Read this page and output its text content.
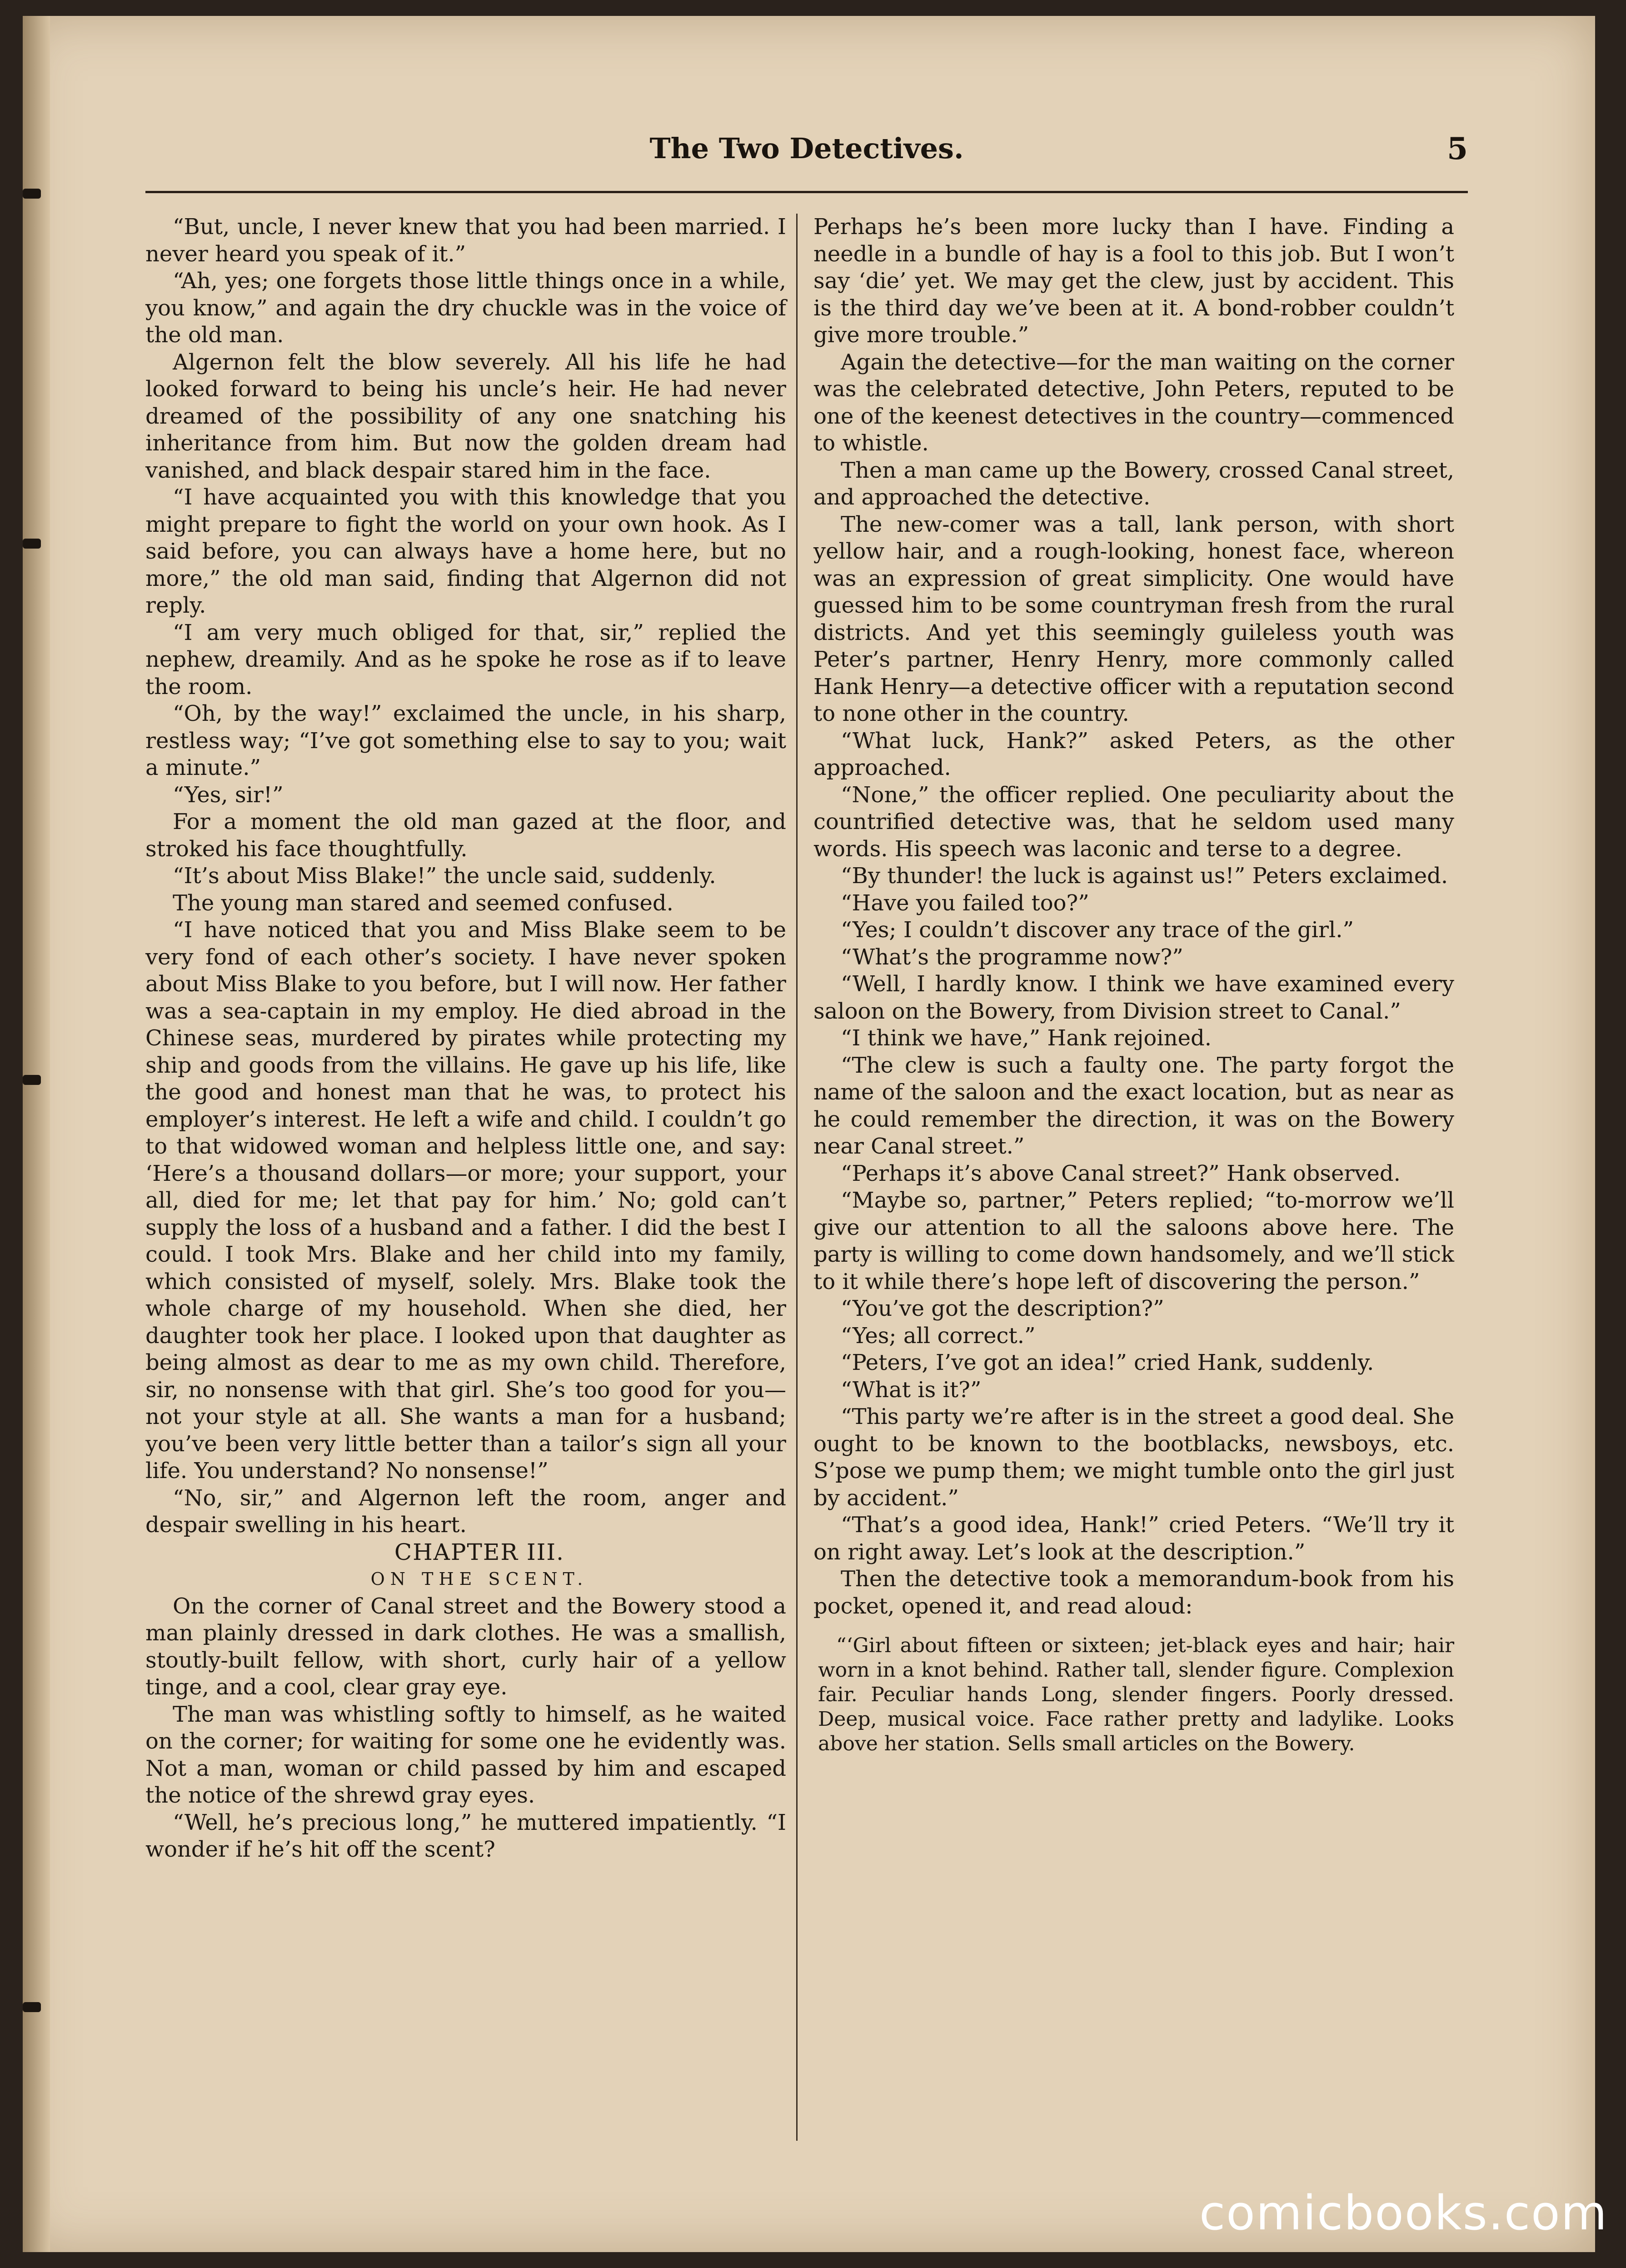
The Two Detectives.	5

“But, uncle, I never knew that you had been married. I never heard you speak of it.”

“Ah, yes; one forgets those little things once in a while, you know,” and again the dry chuckle was in the voice of the old man.

Algernon felt the blow severely. All his life he had looked forward to being his uncle’s heir. He had never dreamed of the possibility of any one snatching his inheritance from him. But now the golden dream had vanished, and black despair stared him in the face.

“I have acquainted you with this knowledge that you might prepare to fight the world on your own hook. As I said before, you can always have a home here, but no more,” the old man said, finding that Algernon did not reply.

“I am very much obliged for that, sir,” replied the nephew, dreamily. And as he spoke he rose as if to leave the room.

“Oh, by the way!” exclaimed the uncle, in his sharp, restless way; “I’ve got something else to say to you; wait a minute.”

“Yes, sir!”

For a moment the old man gazed at the floor, and stroked his face thoughtfully.

“It’s about Miss Blake!” the uncle said, suddenly.

The young man stared and seemed confused.

“I have noticed that you and Miss Blake seem to be very fond of each other’s society. I have never spoken about Miss Blake to you before, but I will now. Her father was a sea-captain in my employ. He died abroad in the Chinese seas, murdered by pirates while protecting my ship and goods from the villains. He gave up his life, like the good and honest man that he was, to protect his employer’s interest. He left a wife and child. I couldn’t go to that widowed woman and helpless little one, and say: ‘Here’s a thousand dollars—or more; your support, your all, died for me; let that pay for him.’ No; gold can’t supply the loss of a husband and a father. I did the best I could. I took Mrs. Blake and her child into my family, which consisted of myself, solely. Mrs. Blake took the whole charge of my household. When she died, her daughter took her place. I looked upon that daughter as being almost as dear to me as my own child. Therefore, sir, no nonsense with that girl. She’s too good for you—not your style at all. She wants a man for a husband; you’ve been very little better than a tailor’s sign all your life. You understand? No nonsense!”

“No, sir,” and Algernon left the room, anger and despair swelling in his heart.

CHAPTER III.

ON THE SCENT.

On the corner of Canal street and the Bowery stood a man plainly dressed in dark clothes. He was a smallish, stoutly-built fellow, with short, curly hair of a yellow tinge, and a cool, clear gray eye.

The man was whistling softly to himself, as he waited on the corner; for waiting for some one he evidently was. Not a man, woman or child passed by him and escaped the notice of the shrewd gray eyes.

“Well, he’s precious long,” he muttered impatiently. “I wonder if he’s hit off the scent?

Perhaps he’s been more lucky than I have. Finding a needle in a bundle of hay is a fool to this job. But I won’t say ‘die’ yet. We may get the clew, just by accident. This is the third day we’ve been at it. A bond-robber couldn’t give more trouble.”

Again the detective—for the man waiting on the corner was the celebrated detective, John Peters, reputed to be one of the keenest detectives in the country—commenced to whistle.

Then a man came up the Bowery, crossed Canal street, and approached the detective.

The new-comer was a tall, lank person, with short yellow hair, and a rough-looking, honest face, whereon was an expression of great simplicity. One would have guessed him to be some countryman fresh from the rural districts. And yet this seemingly guileless youth was Peter’s partner, Henry Henry, more commonly called Hank Henry—a detective officer with a reputation second to none other in the country.

“What luck, Hank?” asked Peters, as the other approached.

“None,” the officer replied. One peculiarity about the countrified detective was, that he seldom used many words. His speech was laconic and terse to a degree.

“By thunder! the luck is against us!” Peters exclaimed.

“Have you failed too?”

“Yes; I couldn’t discover any trace of the girl.”

“What’s the programme now?”

“Well, I hardly know. I think we have examined every saloon on the Bowery, from Division street to Canal.”

“I think we have,” Hank rejoined.

“The clew is such a faulty one. The party forgot the name of the saloon and the exact location, but as near as he could remember the direction, it was on the Bowery near Canal street.”

“Perhaps it’s above Canal street?” Hank observed.

“Maybe so, partner,” Peters replied; “to-morrow we’ll give our attention to all the saloons above here. The party is willing to come down handsomely, and we’ll stick to it while there’s hope left of discovering the person.”

“You’ve got the description?”

“Yes; all correct.”

“Peters, I’ve got an idea!” cried Hank, suddenly.

“What is it?”

“This party we’re after is in the street a good deal. She ought to be known to the bootblacks, newsboys, etc. S’pose we pump them; we might tumble onto the girl just by accident.”

“That’s a good idea, Hank!” cried Peters. “We’ll try it on right away. Let’s look at the description.”

Then the detective took a memorandum-book from his pocket, opened it, and read aloud:

“‘Girl about fifteen or sixteen; jet-black eyes and hair; hair worn in a knot behind. Rather tall, slender figure. Complexion fair. Peculiar hands Long, slender fingers. Poorly dressed. Deep, musical voice. Face rather pretty and ladylike. Looks above her station. Sells small articles on the Bowery.

comicbooks.com
